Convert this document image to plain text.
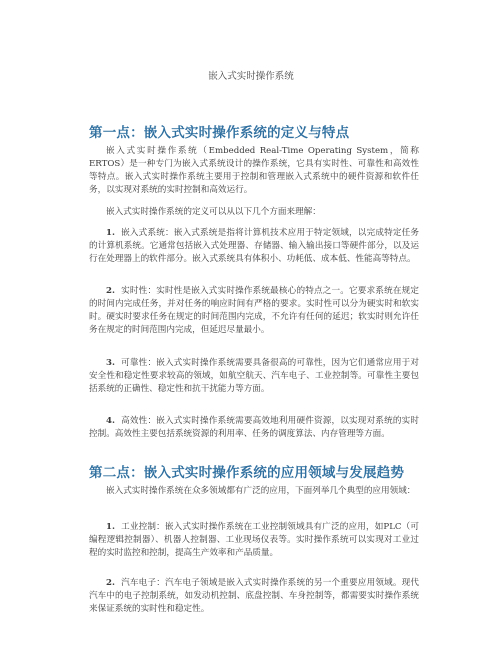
嵌入式实时操作系统
第一点：嵌入式实时操作系统的定义与特点
嵌入式实时操作系统（Embedded Real-Time Operating System，简称 ERTOS）是一种专门为嵌入式系统设计的操作系统，它具有实时性、可靠性和高效性等特点。嵌入式实时操作系统主要用于控制和管理嵌入式系统中的硬件资源和软件任务，以实现对系统的实时控制和高效运行。
嵌入式实时操作系统的定义可以从以下几个方面来理解：
1. 嵌入式系统：嵌入式系统是指将计算机技术应用于特定领域，以完成特定任务的计算机系统。它通常包括嵌入式处理器、存储器、输入输出接口等硬件部分，以及运行在处理器上的软件部分。嵌入式系统具有体积小、功耗低、成本低、性能高等特点。
2. 实时性：实时性是嵌入式实时操作系统最核心的特点之一。它要求系统在规定的时间内完成任务，并对任务的响应时间有严格的要求。实时性可以分为硬实时和软实时。硬实时要求任务在规定的时间范围内完成，不允许有任何的延迟；软实时则允许任务在规定的时间范围内完成，但延迟尽量最小。
3. 可靠性：嵌入式实时操作系统需要具备很高的可靠性，因为它们通常应用于对安全性和稳定性要求较高的领域，如航空航天、汽车电子、工业控制等。可靠性主要包括系统的正确性、稳定性和抗干扰能力等方面。
4. 高效性：嵌入式实时操作系统需要高效地利用硬件资源，以实现对系统的实时控制。高效性主要包括系统资源的利用率、任务的调度算法、内存管理等方面。
第二点：嵌入式实时操作系统的应用领域与发展趋势
嵌入式实时操作系统在众多领域都有广泛的应用，下面列举几个典型的应用领域：
1. 工业控制：嵌入式实时操作系统在工业控制领域具有广泛的应用，如PLC（可编程逻辑控制器）、机器人控制器、工业现场仪表等。实时操作系统可以实现对工业过程的实时监控和控制，提高生产效率和产品质量。
2. 汽车电子：汽车电子领域是嵌入式实时操作系统的另一个重要应用领域。现代汽车中的电子控制系统，如发动机控制、底盘控制、车身控制等，都需要实时操作系统来保证系统的实时性和稳定性。
